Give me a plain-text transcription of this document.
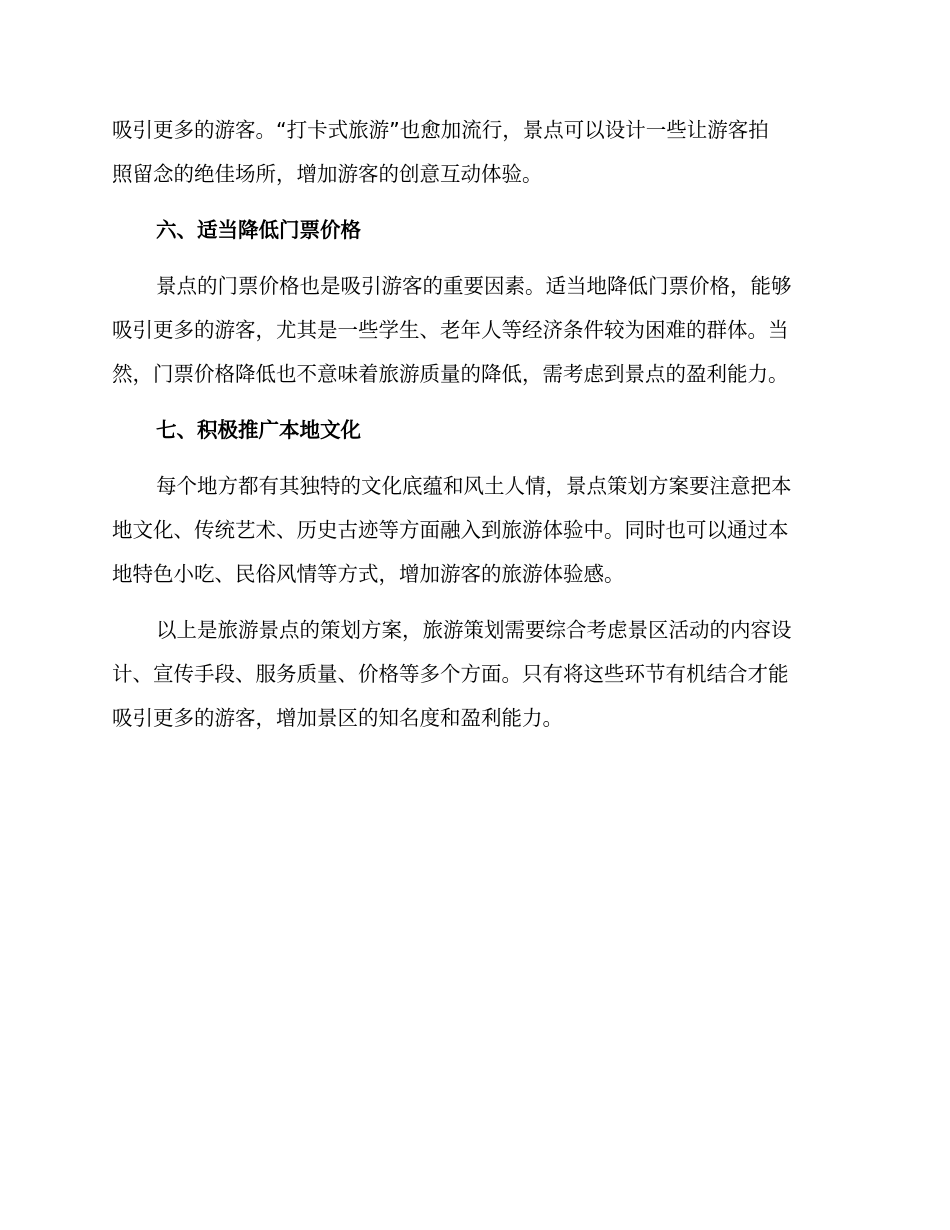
吸引更多的游客。“打卡式旅游”也愈加流行，景点可以设计一些让游客拍
照留念的绝佳场所，增加游客的创意互动体验。
六、适当降低门票价格
景点的门票价格也是吸引游客的重要因素。适当地降低门票价格，能够
吸引更多的游客，尤其是一些学生、老年人等经济条件较为困难的群体。当
然，门票价格降低也不意味着旅游质量的降低，需考虑到景点的盈利能力。
七、积极推广本地文化
每个地方都有其独特的文化底蕴和风土人情，景点策划方案要注意把本
地文化、传统艺术、历史古迹等方面融入到旅游体验中。同时也可以通过本
地特色小吃、民俗风情等方式，增加游客的旅游体验感。
以上是旅游景点的策划方案，旅游策划需要综合考虑景区活动的内容设
计、宣传手段、服务质量、价格等多个方面。只有将这些环节有机结合才能
吸引更多的游客，增加景区的知名度和盈利能力。
